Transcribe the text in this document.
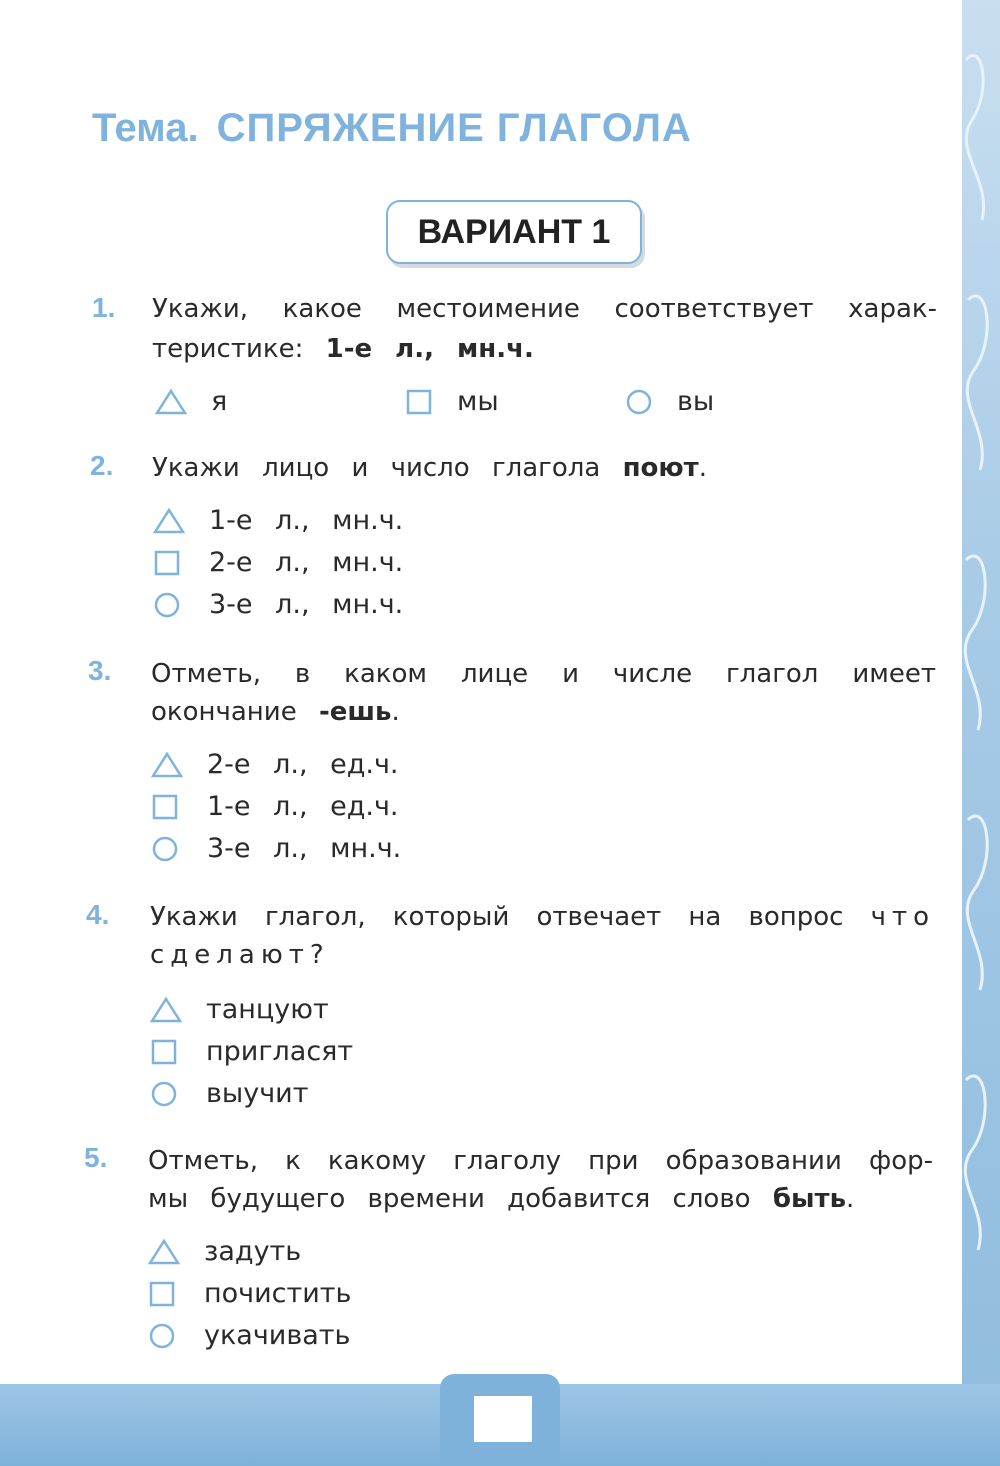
Тема. СПРЯЖЕНИЕ ГЛАГОЛА
ВАРИАНТ 1
1. Укажи, какое местоимение соответствует харак-
теристике: 1-е л., мн.ч.
я	мы	вы
2. Укажи лицо и число глагола поют.
1-е л., мн.ч.
2-е л., мн.ч.
3-е л., мн.ч.
3. Отметь, в каком лице и числе глагол имеет
окончание -ешь.
2-е л., ед.ч.
1-е л., ед.ч.
3-е л., мн.ч.
4. Укажи глагол, который отвечает на вопрос что
сделают?
танцуют
пригласят
выучит
5. Отметь, к какому глаголу при образовании фор-
мы будущего времени добавится слово быть.
задуть
почистить
укачивать
